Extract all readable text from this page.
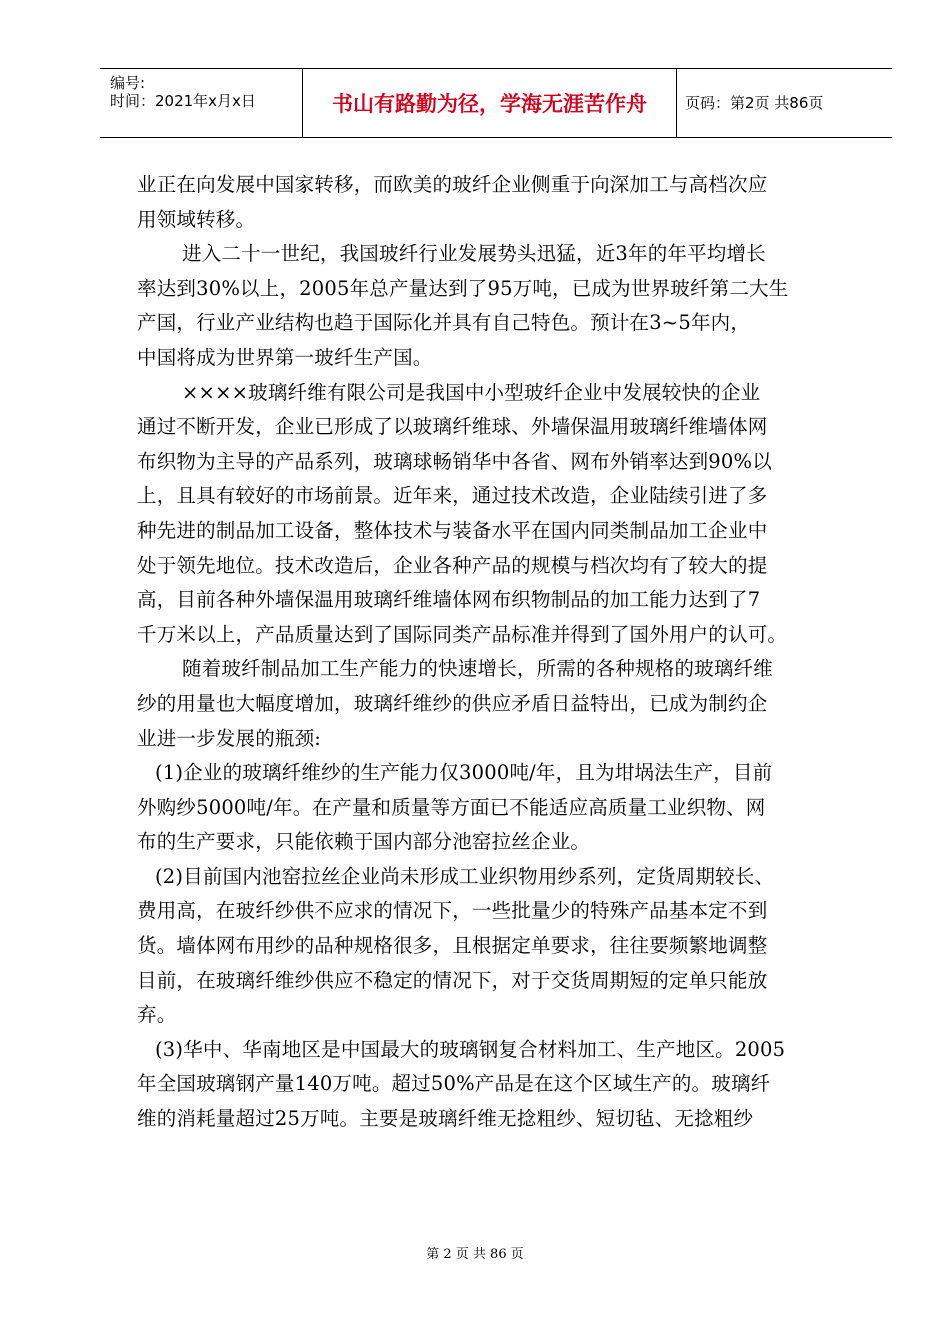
编号:
时间：2021年x月x日	书山有路勤为径，学海无涯苦作舟	页码：第2页 共86页

业正在向发展中国家转移，而欧美的玻纤企业侧重于向深加工与高档次应

用领域转移。

进入二十一世纪，我国玻纤行业发展势头迅猛，近3年的年平均增长

率达到30%以上，2005年总产量达到了95万吨，已成为世界玻纤第二大生

产国，行业产业结构也趋于国际化并具有自己特色。预计在3~5年内，

中国将成为世界第一玻纤生产国。

××××玻璃纤维有限公司是我国中小型玻纤企业中发展较快的企业

通过不断开发，企业已形成了以玻璃纤维球、外墙保温用玻璃纤维墙体网

布织物为主导的产品系列，玻璃球畅销华中各省、网布外销率达到90%以

上，且具有较好的市场前景。近年来，通过技术改造，企业陆续引进了多

种先进的制品加工设备，整体技术与装备水平在国内同类制品加工企业中

处于领先地位。技术改造后，企业各种产品的规模与档次均有了较大的提

高，目前各种外墙保温用玻璃纤维墙体网布织物制品的加工能力达到了7

千万米以上，产品质量达到了国际同类产品标准并得到了国外用户的认可。

随着玻纤制品加工生产能力的快速增长，所需的各种规格的玻璃纤维

纱的用量也大幅度增加，玻璃纤维纱的供应矛盾日益特出，已成为制约企

业进一步发展的瓶颈:

(1)企业的玻璃纤维纱的生产能力仅3000吨/年，且为坩埚法生产，目前

外购纱5000吨/年。在产量和质量等方面已不能适应高质量工业织物、网

布的生产要求，只能依赖于国内部分池窑拉丝企业。

(2)目前国内池窑拉丝企业尚未形成工业织物用纱系列，定货周期较长、

费用高，在玻纤纱供不应求的情况下，一些批量少的特殊产品基本定不到

货。墙体网布用纱的品种规格很多，且根据定单要求，往往要频繁地调整

目前，在玻璃纤维纱供应不稳定的情况下，对于交货周期短的定单只能放

弃。

(3)华中、华南地区是中国最大的玻璃钢复合材料加工、生产地区。2005

年全国玻璃钢产量140万吨。超过50%产品是在这个区域生产的。玻璃纤

维的消耗量超过25万吨。主要是玻璃纤维无捻粗纱、短切毡、无捻粗纱

第 2 页 共 86 页
